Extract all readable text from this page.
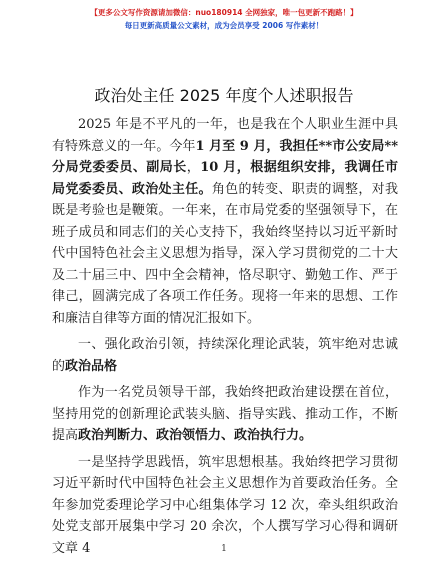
【更多公文写作资源请加微信：nuo180914 全网独家，唯一包更新不跑路！】
每日更新高质量公文素材，成为会员享受 2006 写作素材！
政治处主任 2025 年度个人述职报告

2025 年是不平凡的一年，也是我在个人职业生涯中具有特殊意义的一年。今年1 月至 9 月，我担任**市公安局**分局党委委员、副局长，10 月，根据组织安排，我调任市局党委委员、政治处主任。角色的转变、职责的调整，对我既是考验也是鞭策。一年来，在市局党委的坚强领导下，在班子成员和同志们的关心支持下，我始终坚持以习近平新时代中国特色社会主义思想为指导，深入学习贯彻党的二十大及二十届三中、四中全会精神，恪尽职守、勤勉工作、严于律己，圆满完成了各项工作任务。现将一年来的思想、工作和廉洁自律等方面的情况汇报如下。

一、强化政治引领，持续深化理论武装，筑牢绝对忠诚的政治品格

作为一名党员领导干部，我始终把政治建设摆在首位，坚持用党的创新理论武装头脑、指导实践、推动工作，不断提高政治判断力、政治领悟力、政治执行力。

一是坚持学思践悟，筑牢思想根基。我始终把学习贯彻习近平新时代中国特色社会主义思想作为首要政治任务。全年参加党委理论学习中心组集体学习 12 次，牵头组织政治处党支部开展集中学习 20 余次，个人撰写学习心得和调研文章 4	1
